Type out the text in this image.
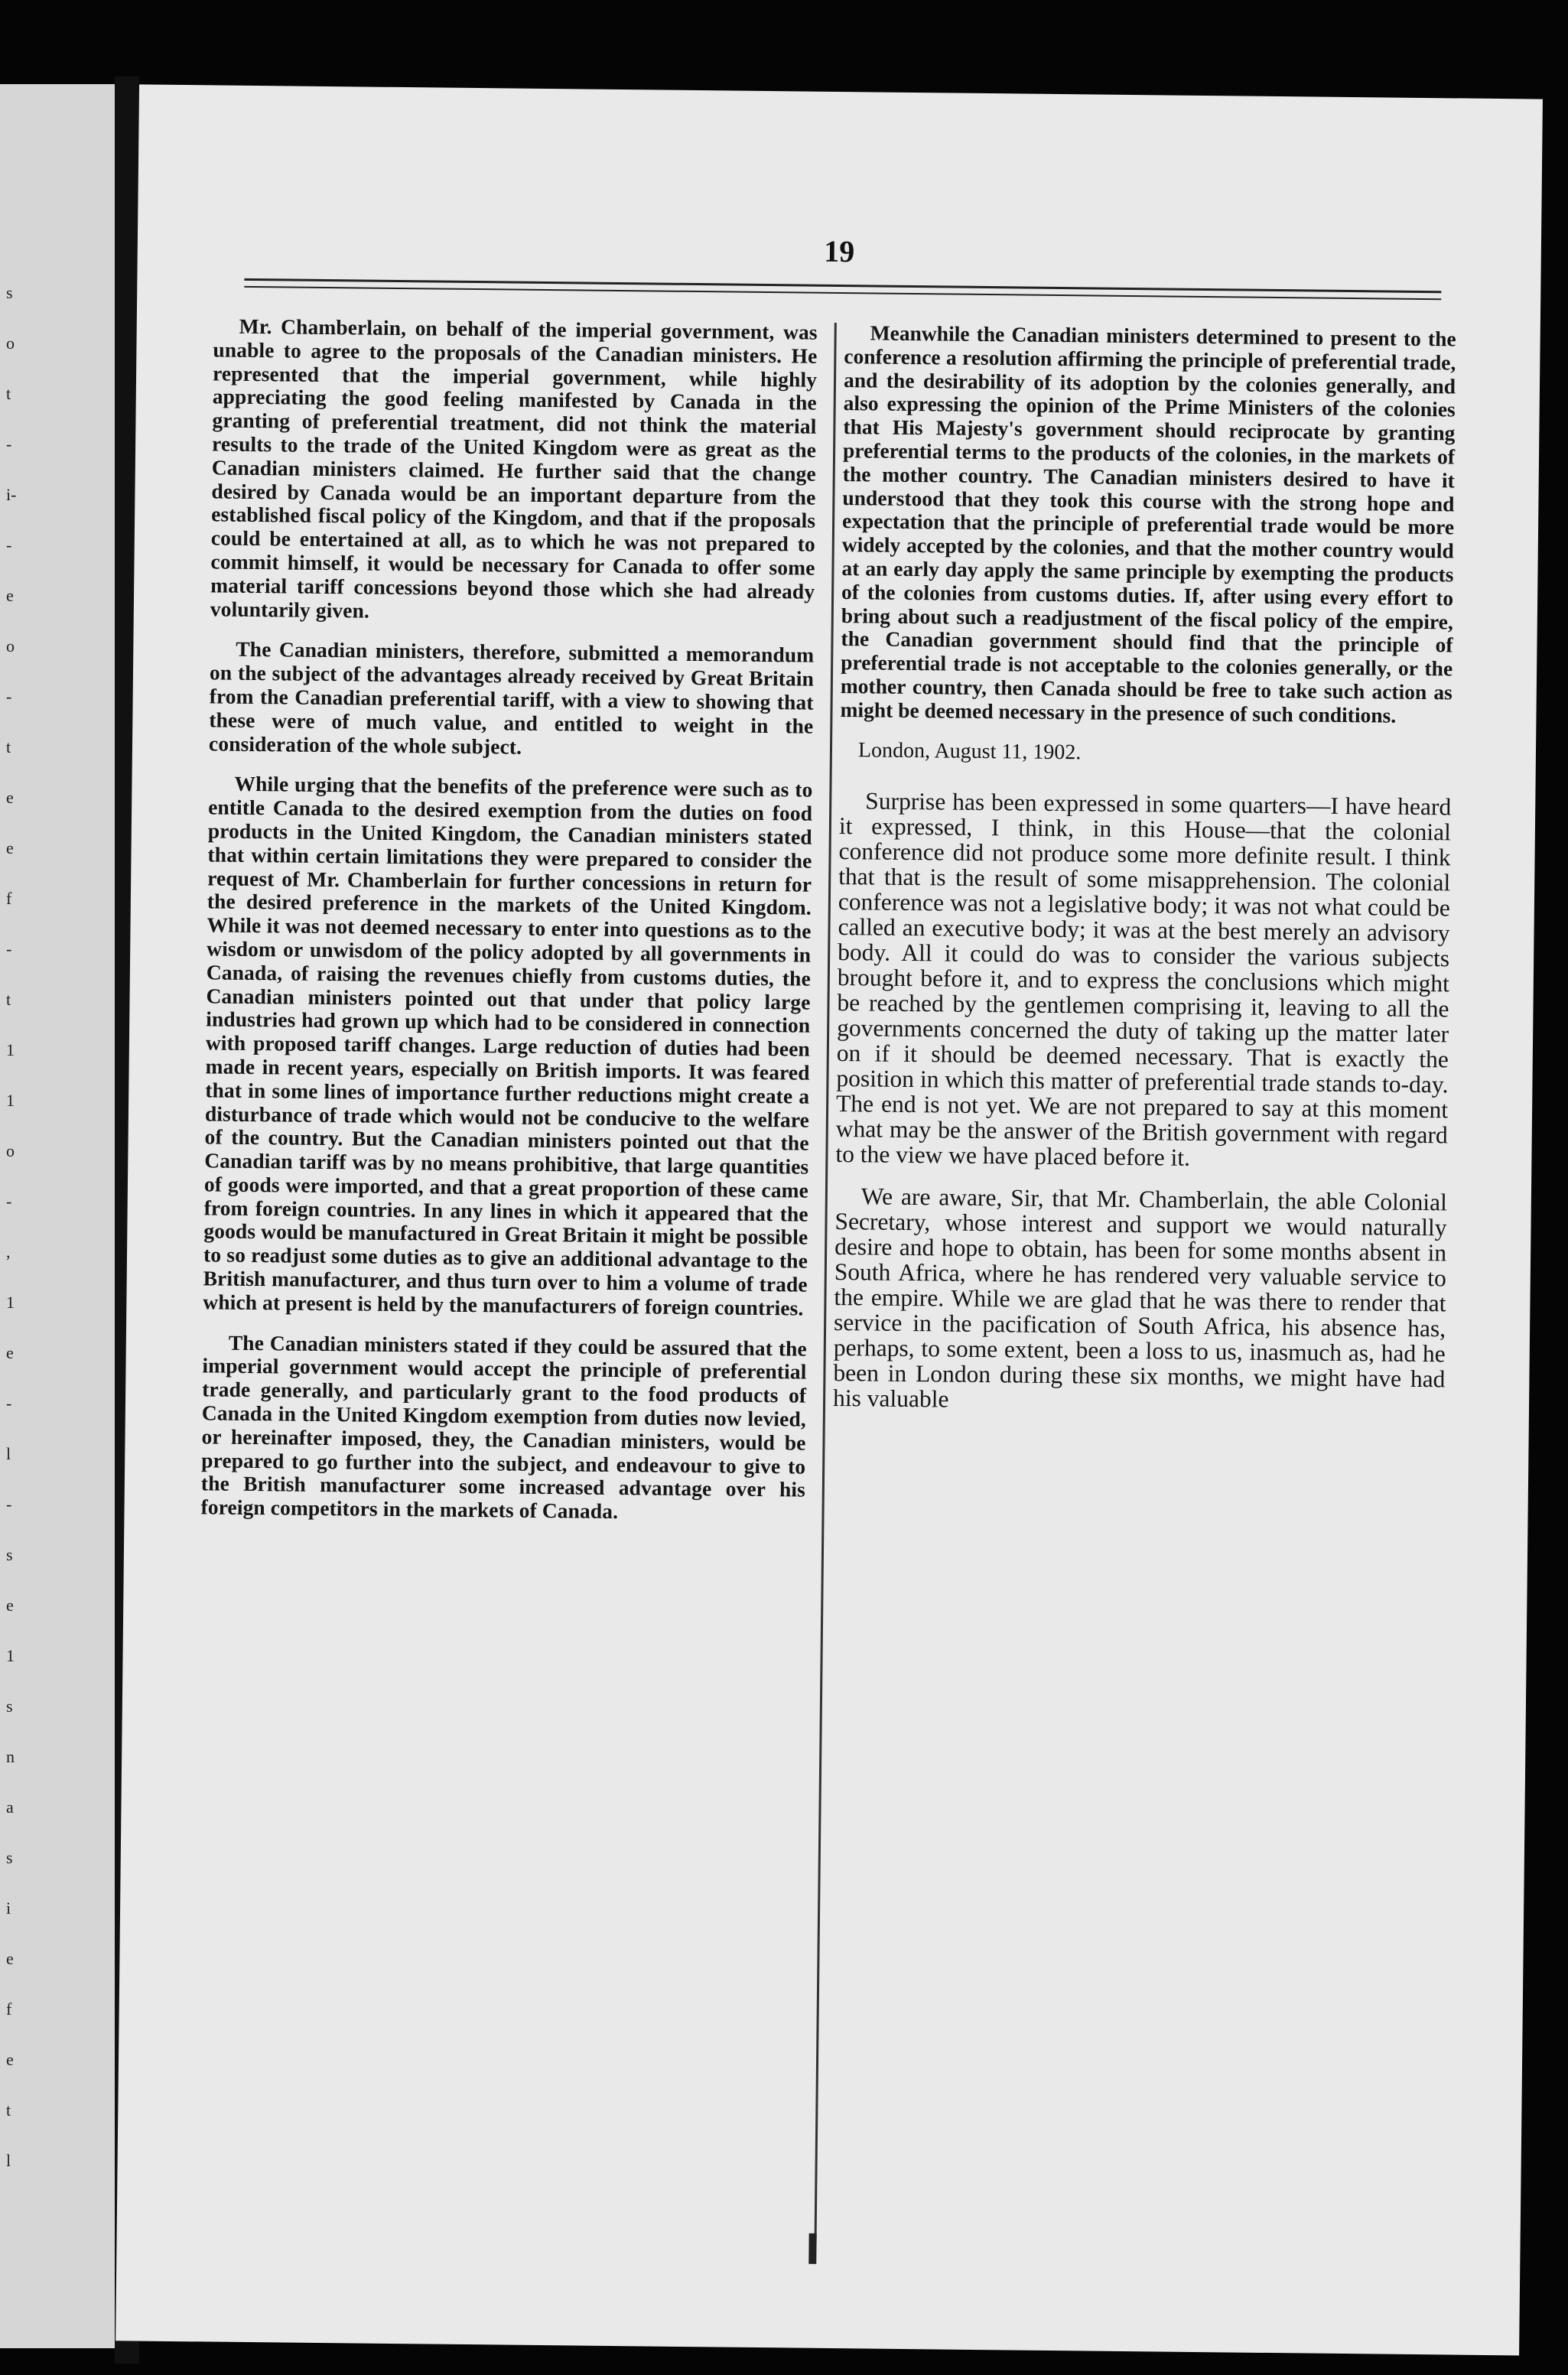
s
o
t
-
i-
-
e
o
-
t
e
e
f
-
t
1
1
o
-
,
1
e
-
l
-
s
e
1
s
n
a
s
i
e
f
e
t
l
19

Mr. Chamberlain, on behalf of the imperial government, was unable to agree to the proposals of the Canadian ministers. He represented that the imperial government, while highly appreciating the good feeling manifested by Canada in the granting of preferential treatment, did not think the material results to the trade of the United Kingdom were as great as the Canadian ministers claimed. He further said that the change desired by Canada would be an important departure from the established fiscal policy of the Kingdom, and that if the proposals could be entertained at all, as to which he was not prepared to commit himself, it would be necessary for Canada to offer some material tariff concessions beyond those which she had already voluntarily given.

The Canadian ministers, therefore, submitted a memorandum on the subject of the advantages already received by Great Britain from the Canadian preferential tariff, with a view to showing that these were of much value, and entitled to weight in the consideration of the whole subject.

While urging that the benefits of the preference were such as to entitle Canada to the desired exemption from the duties on food products in the United Kingdom, the Canadian ministers stated that within certain limitations they were prepared to consider the request of Mr. Chamberlain for further concessions in return for the desired preference in the markets of the United Kingdom. While it was not deemed necessary to enter into questions as to the wisdom or unwisdom of the policy adopted by all governments in Canada, of raising the revenues chiefly from customs duties, the Canadian ministers pointed out that under that policy large industries had grown up which had to be considered in connection with proposed tariff changes. Large reduction of duties had been made in recent years, especially on British imports. It was feared that in some lines of importance further reductions might create a disturbance of trade which would not be conducive to the welfare of the country. But the Canadian ministers pointed out that the Canadian tariff was by no means prohibitive, that large quantities of goods were imported, and that a great proportion of these came from foreign countries. In any lines in which it appeared that the goods would be manufactured in Great Britain it might be possible to so readjust some duties as to give an additional advantage to the British manufacturer, and thus turn over to him a volume of trade which at present is held by the manufacturers of foreign countries.

The Canadian ministers stated if they could be assured that the imperial government would accept the principle of preferential trade generally, and particularly grant to the food products of Canada in the United Kingdom exemption from duties now levied, or hereinafter imposed, they, the Canadian ministers, would be prepared to go further into the subject, and endeavour to give to the British manufacturer some increased advantage over his foreign competitors in the markets of Canada.

Meanwhile the Canadian ministers determined to present to the conference a resolution affirming the principle of preferential trade, and the desirability of its adoption by the colonies generally, and also expressing the opinion of the Prime Ministers of the colonies that His Majesty's government should reciprocate by granting preferential terms to the products of the colonies, in the markets of the mother country. The Canadian ministers desired to have it understood that they took this course with the strong hope and expectation that the principle of preferential trade would be more widely accepted by the colonies, and that the mother country would at an early day apply the same principle by exempting the products of the colonies from customs duties. If, after using every effort to bring about such a readjustment of the fiscal policy of the empire, the Canadian government should find that the principle of preferential trade is not acceptable to the colonies generally, or the mother country, then Canada should be free to take such action as might be deemed necessary in the presence of such conditions.

London, August 11, 1902.

Surprise has been expressed in some quarters—I have heard it expressed, I think, in this House—that the colonial conference did not produce some more definite result. I think that that is the result of some misapprehension. The colonial conference was not a legislative body; it was not what could be called an executive body; it was at the best merely an advisory body. All it could do was to consider the various subjects brought before it, and to express the conclusions which might be reached by the gentlemen comprising it, leaving to all the governments concerned the duty of taking up the matter later on if it should be deemed necessary. That is exactly the position in which this matter of preferential trade stands to-day. The end is not yet. We are not prepared to say at this moment what may be the answer of the British government with regard to the view we have placed before it.

We are aware, Sir, that Mr. Chamberlain, the able Colonial Secretary, whose interest and support we would naturally desire and hope to obtain, has been for some months absent in South Africa, where he has rendered very valuable service to the empire. While we are glad that he was there to render that service in the pacification of South Africa, his absence has, perhaps, to some extent, been a loss to us, inasmuch as, had he been in London during these six months, we might have had his valuable
